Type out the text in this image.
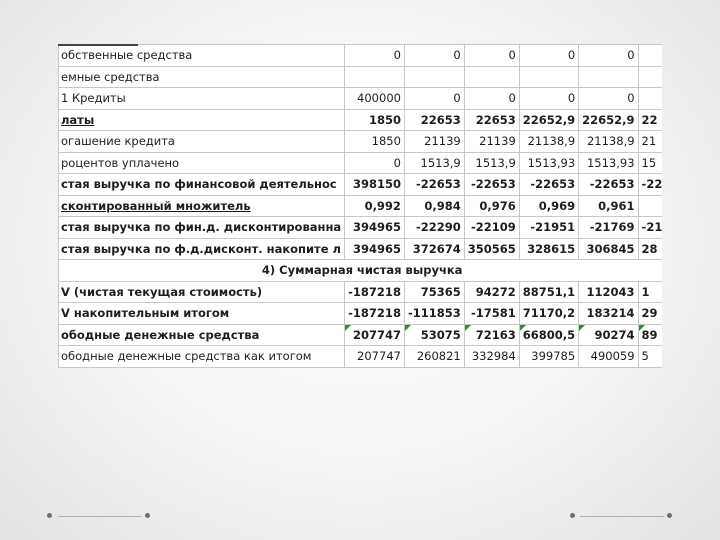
обственные средства	0	0	0	0	0	
емные средства						
1 Кредиты	400000	0	0	0	0	
латы	1850	22653	22653	22652,9	22652,9	22
огашение кредита	1850	21139	21139	21138,9	21138,9	21
роцентов уплачено	0	1513,9	1513,9	1513,93	1513,93	15
стая выручка по финансовой деятельнос	398150	-22653	-22653	-22653	-22653	-22
сконтированный множитель	0,992	0,984	0,976	0,969	0,961	
стая выручка по фин.д. дисконтированна	394965	-22290	-22109	-21951	-21769	-21
стая выручка по ф.д.дисконт. накопите л	394965	372674	350565	328615	306845	28
4) Суммарная чистая выручка						
V (чистая текущая стоимость)	-187218	75365	94272	88751,1	112043	1
V накопительным итогом	-187218	-111853	-17581	71170,2	183214	29
ободные денежные средства	207747	53075	72163	66800,5	90274	89
ободные денежные средства как итогом	207747	260821	332984	399785	490059	5
